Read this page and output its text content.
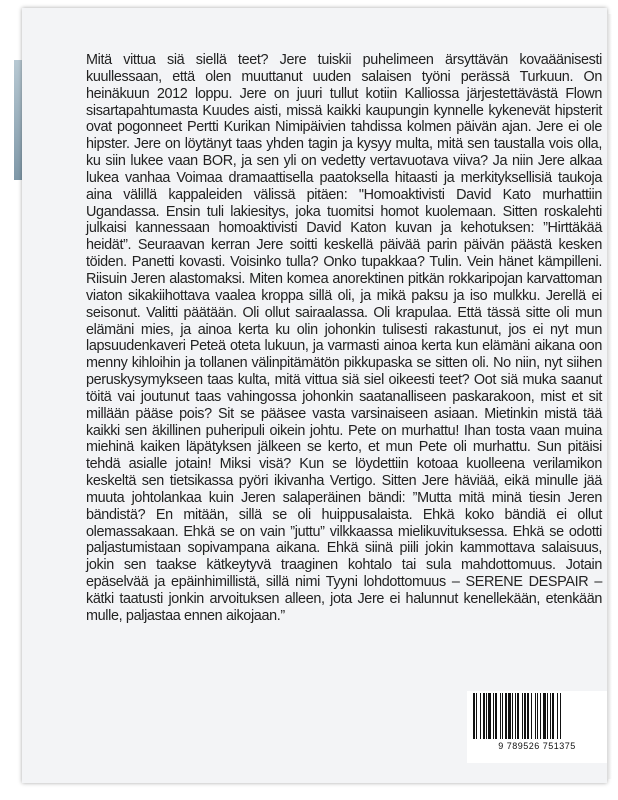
Mitä vittua siä siellä teet? Jere tuiskii puhelimeen ärsyttävän kovaäänisesti kuullessaan, että olen muuttanut uuden salaisen työni perässä Turkuun. On heinäkuun 2012 loppu. Jere on juuri tullut kotiin Kalliossa järjestettävästä Flown sisartapahtumasta Kuudes aisti, missä kaikki kaupungin kynnelle kykenevät hipsterit ovat pogonneet Pertti Kurikan Nimipäivien tahdissa kolmen päivän ajan. Jere ei ole hipster. Jere on löytänyt taas yhden tagin ja kysyy multa, mitä sen taustalla vois olla, ku siin lukee vaan BOR, ja sen yli on vedetty vertavuotava viiva? Ja niin Jere alkaa lukea vanhaa Voimaa dramaattisella paatoksella hitaasti ja merkityksellisiä taukoja aina välillä kappaleiden välissä pitäen: "Homoaktivisti David Kato murhattiin Ugandassa. Ensin tuli lakiesitys, joka tuomitsi homot kuolemaan. Sitten roskalehti julkaisi kannessaan homoaktivisti David Katon kuvan ja kehotuksen: ”Hirttäkää heidät”. Seuraavan kerran Jere soitti keskellä päivää parin päivän päästä kesken töiden. Panetti kovasti. Voisinko tulla? Onko tupakkaa? Tulin. Vein hänet kämpilleni. Riisuin Jeren alastomaksi. Miten komea anorektinen pitkän rokkaripojan karvattoman viaton sikakiihottava vaalea kroppa sillä oli, ja mikä paksu ja iso mulkku. Jerellä ei seisonut. Valitti päätään. Oli ollut sairaalassa. Oli krapulaa. Että tässä sitte oli mun elämäni mies, ja ainoa kerta ku olin johonkin tulisesti rakastunut, jos ei nyt mun lapsuudenkaveri Peteä oteta lukuun, ja varmasti ainoa kerta kun elämäni aikana oon menny kihloihin ja tollanen välinpitämätön pikkupaska se sitten oli. No niin, nyt siihen peruskysymykseen taas kulta, mitä vittua siä siel oikeesti teet? Oot siä muka saanut töitä vai joutunut taas vahingossa johonkin saatanalliseen paskarakoon, mist et sit millään pääse pois? Sit se pääsee vasta varsinaiseen asiaan. Mietinkin mistä tää kaikki sen äkillinen puheripuli oikein johtu. Pete on murhattu! Ihan tosta vaan muina miehinä kaiken läpätyksen jälkeen se kerto, et mun Pete oli murhattu. Sun pitäisi tehdä asialle jotain! Miksi visä? Kun se löydettiin kotoaa kuolleena verilamikon keskeltä sen tietsikassa pyöri ikivanha Vertigo. Sitten Jere häviää, eikä minulle jää muuta johtolankaa kuin Jeren salaperäinen bändi: ”Mutta mitä minä tiesin Jeren bändistä? En mitään, sillä se oli huippusalaista. Ehkä koko bändiä ei ollut olemassakaan. Ehkä se on vain ”juttu” vilkkaassa mielikuvituksessa. Ehkä se odotti paljastumistaan sopivampana aikana. Ehkä siinä piili jokin kammottava salaisuus, jokin sen taakse kätkeytyvä traaginen kohtalo tai sula mahdottomuus. Jotain epäselvää ja epäinhimillistä, sillä nimi Tyyni lohdottomuus – SERENE DESPAIR – kätki taatusti jonkin arvoituksen alleen, jota Jere ei halunnut kenellekään, etenkään mulle, paljastaa ennen aikojaan.”

9 789526 751375
